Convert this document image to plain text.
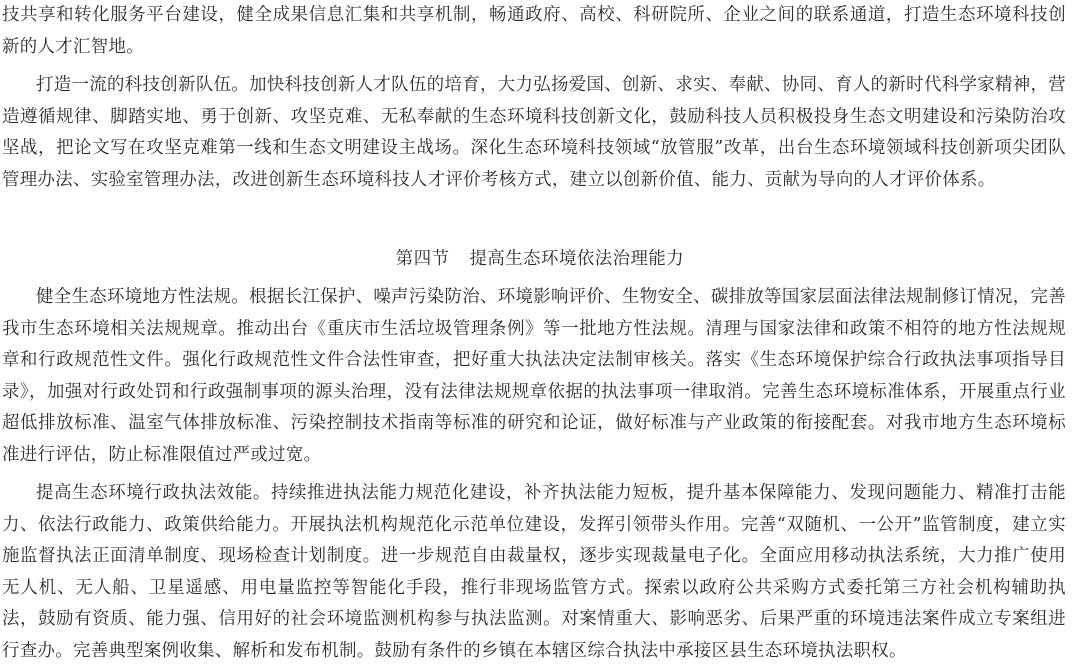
技共享和转化服务平台建设，健全成果信息汇集和共享机制，畅通政府、高校、科研院所、企业之间的联系通道，打造生态环境科技创新的人才汇智地。

打造一流的科技创新队伍。加快科技创新人才队伍的培育，大力弘扬爱国、创新、求实、奉献、协同、育人的新时代科学家精神，营造遵循规律、脚踏实地、勇于创新、攻坚克难、无私奉献的生态环境科技创新文化，鼓励科技人员积极投身生态文明建设和污染防治攻坚战，把论文写在攻坚克难第一线和生态文明建设主战场。深化生态环境科技领域“放管服”改革，出台生态环境领域科技创新项尖团队管理办法、实验室管理办法，改进创新生态环境科技人才评价考核方式，建立以创新价值、能力、贡献为导向的人才评价体系。

第四节 提高生态环境依法治理能力

健全生态环境地方性法规。根据长江保护、噪声污染防治、环境影响评价、生物安全、碳排放等国家层面法律法规制修订情况，完善我市生态环境相关法规规章。推动出台《重庆市生活垃圾管理条例》等一批地方性法规。清理与国家法律和政策不相符的地方性法规规章和行政规范性文件。强化行政规范性文件合法性审查，把好重大执法决定法制审核关。落实《生态环境保护综合行政执法事项指导目录》，加强对行政处罚和行政强制事项的源头治理，没有法律法规规章依据的执法事项一律取消。完善生态环境标准体系，开展重点行业超低排放标准、温室气体排放标准、污染控制技术指南等标准的研究和论证，做好标准与产业政策的衔接配套。对我市地方生态环境标准进行评估，防止标准限值过严或过宽。

提高生态环境行政执法效能。持续推进执法能力规范化建设，补齐执法能力短板，提升基本保障能力、发现问题能力、精准打击能力、依法行政能力、政策供给能力。开展执法机构规范化示范单位建设，发挥引领带头作用。完善“双随机、一公开”监管制度，建立实施监督执法正面清单制度、现场检查计划制度。进一步规范自由裁量权，逐步实现裁量电子化。全面应用移动执法系统，大力推广使用无人机、无人船、卫星遥感、用电量监控等智能化手段，推行非现场监管方式。探索以政府公共采购方式委托第三方社会机构辅助执法，鼓励有资质、能力强、信用好的社会环境监测机构参与执法监测。对案情重大、影响恶劣、后果严重的环境违法案件成立专案组进行查办。完善典型案例收集、解析和发布机制。鼓励有条件的乡镇在本辖区综合执法中承接区县生态环境执法职权。
